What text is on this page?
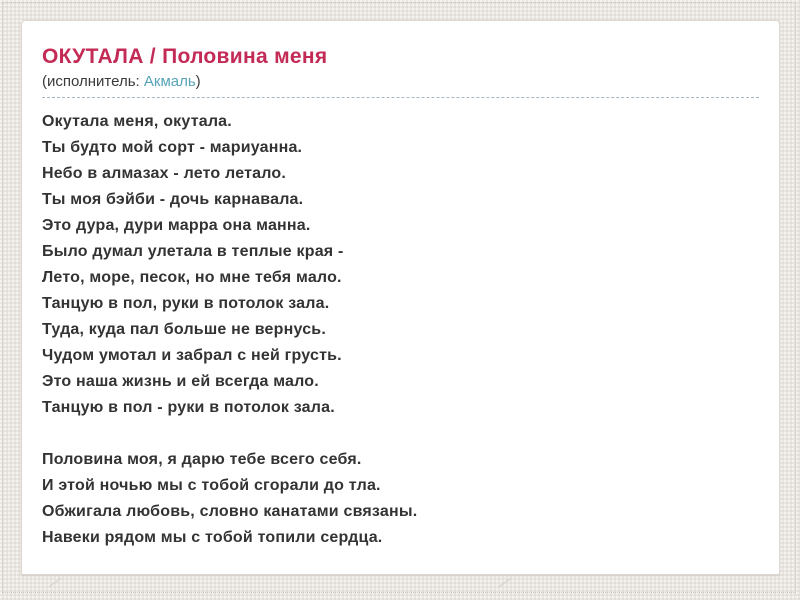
ОКУТАЛА / Половина меня
(исполнитель: Акмаль)
Окутала меня, окутала.
Ты будто мой сорт - мариуанна.
Небо в алмазах - лето летало.
Ты моя бэйби - дочь карнавала.
Это дура, дури марра она манна.
Было думал улетала в теплые края -
Лето, море, песок, но мне тебя мало.
Танцую в пол, руки в потолок зала.
Туда, куда пал больше не вернусь.
Чудом умотал и забрал с ней грусть.
Это наша жизнь и ей всегда мало.
Танцую в пол - руки в потолок зала.
Половина моя, я дарю тебе всего себя.
И этой ночью мы с тобой сгорали до тла.
Обжигала любовь, словно канатами связаны.
Навеки рядом мы с тобой топили сердца.
